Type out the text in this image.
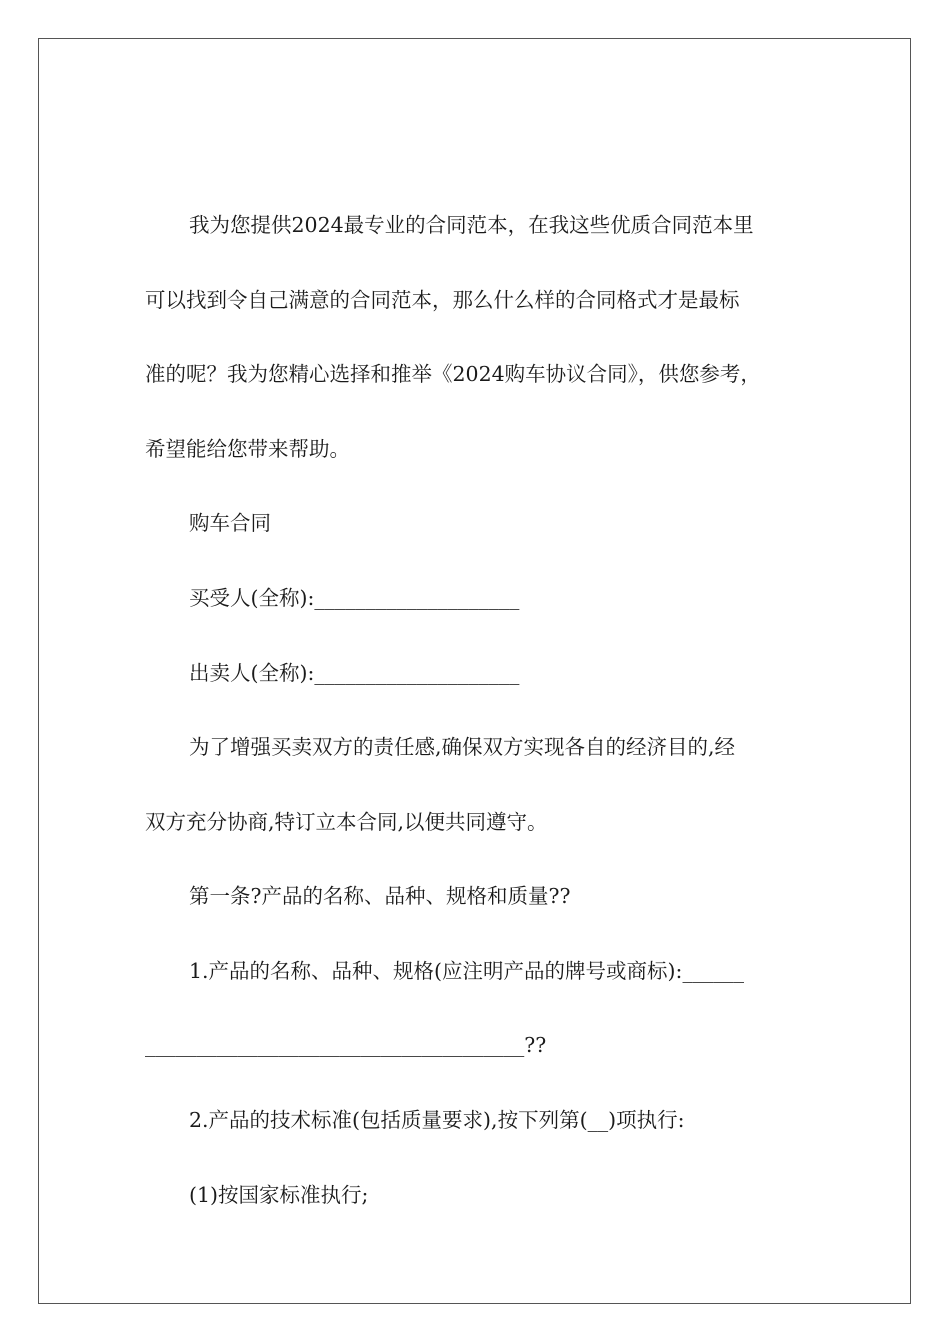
我为您提供2024最专业的合同范本，在我这些优质合同范本里
可以找到令自己满意的合同范本，那么什么样的合同格式才是最标
准的呢？我为您精心选择和推举《2024购车协议合同》，供您参考，
希望能给您带来帮助。
购车合同
买受人(全称):____________________
出卖人(全称):____________________
为了增强买卖双方的责任感,确保双方实现各自的经济目的,经
双方充分协商,特订立本合同,以便共同遵守。
第一条?产品的名称、品种、规格和质量??
1.产品的名称、品种、规格(应注明产品的牌号或商标):______
_____________________________________??
2.产品的技术标准(包括质量要求),按下列第(__)项执行:
(1)按国家标准执行;
